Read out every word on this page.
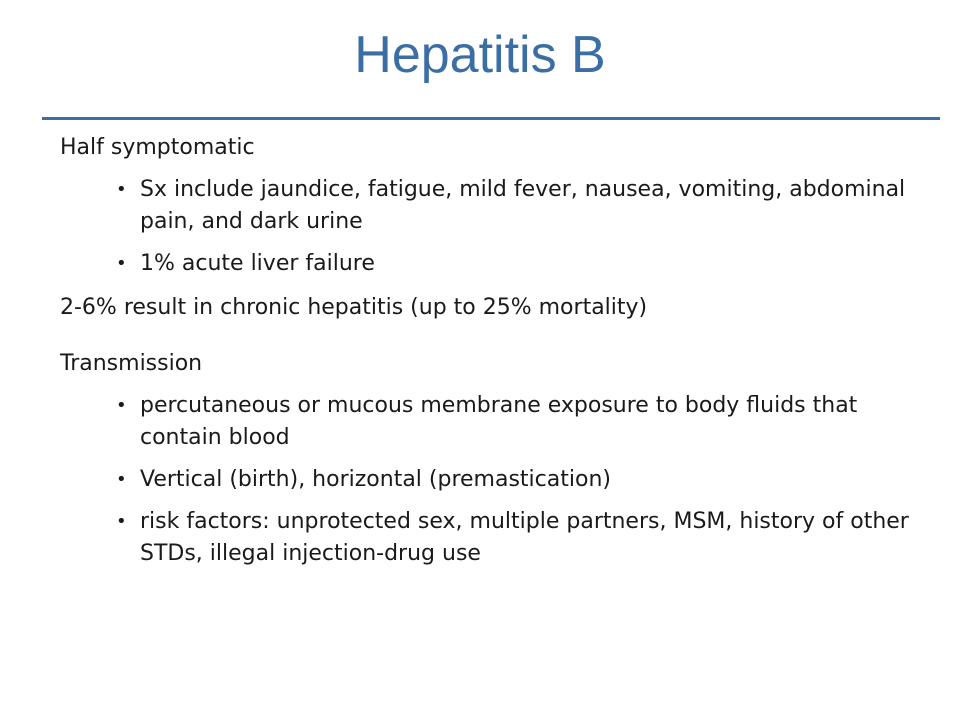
Hepatitis B

Half symptomatic

• Sx include jaundice, fatigue, mild fever, nausea, vomiting, abdominal pain, and dark urine
• 1% acute liver failure

2-6% result in chronic hepatitis (up to 25% mortality)

Transmission

• percutaneous or mucous membrane exposure to body fluids that contain blood
• Vertical (birth), horizontal (premastication)
• risk factors: unprotected sex, multiple partners, MSM, history of other STDs, illegal injection-drug use
